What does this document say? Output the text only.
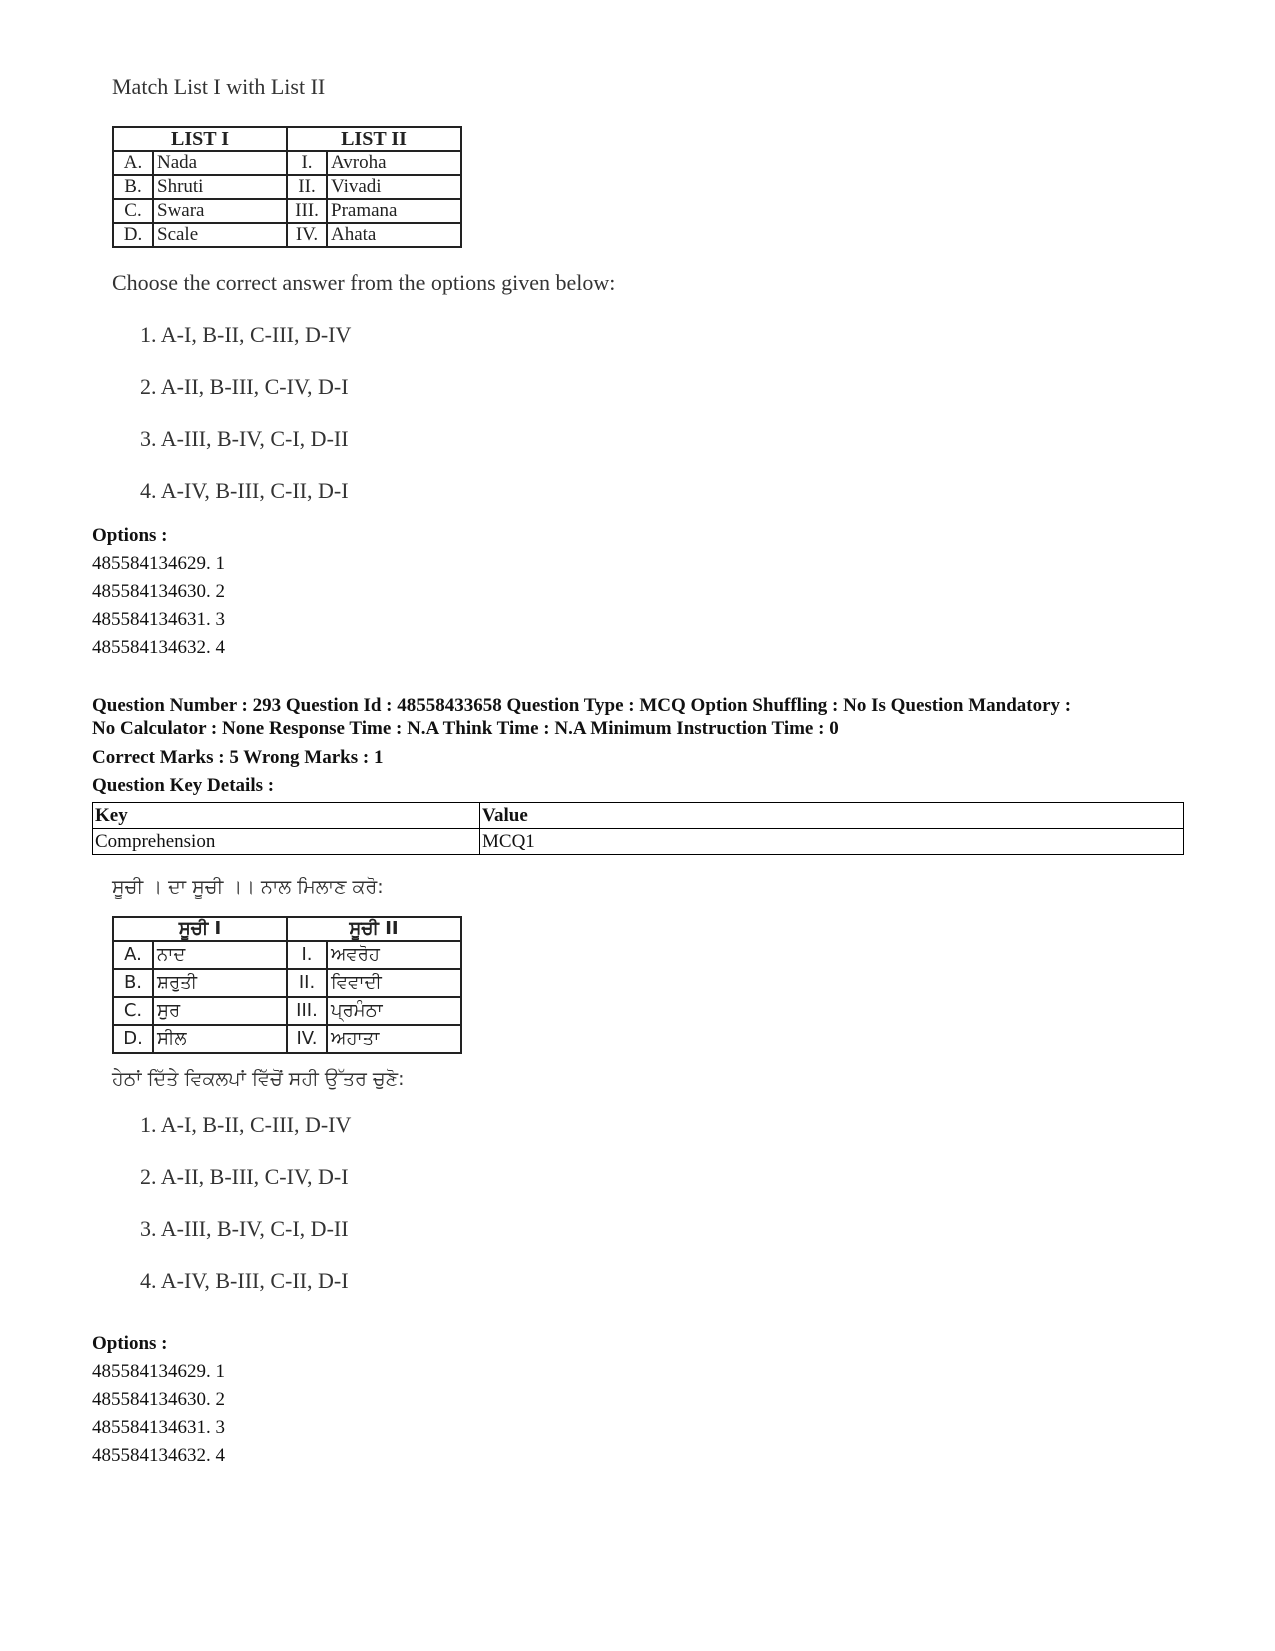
Match List I with List II

LIST I		LIST II	
A.	Nada	I.	Avroha
B.	Shruti	II.	Vivadi
C.	Swara	III.	Pramana
D.	Scale	IV.	Ahata

Choose the correct answer from the options given below:

1. A-I, B-II, C-III, D-IV

2. A-II, B-III, C-IV, D-I

3. A-III, B-IV, C-I, D-II

4. A-IV, B-III, C-II, D-I

Options :
485584134629. 1
485584134630. 2
485584134631. 3
485584134632. 4
Question Number : 293 Question Id : 48558433658 Question Type : MCQ Option Shuffling : No Is Question Mandatory :
No Calculator : None Response Time : N.A Think Time : N.A Minimum Instruction Time : 0
Correct Marks : 5 Wrong Marks : 1
Question Key Details :
Key	Value
Comprehension	MCQ1

ਸੂਚੀ । ਦਾ ਸੂਚੀ ।। ਨਾਲ ਮਿਲਾਣ ਕਰੋ:

ਸੂਚੀ I		ਸੂਚੀ II	
A.	ਨਾਦ	I.	ਅਵਰੋਹ
B.	ਸ਼ਰੁਤੀ	II.	ਵਿਵਾਦੀ
C.	ਸੁਰ	III.	ਪ੍ਰਮੰਠਾ
D.	ਸੀਲ	IV.	ਅਹਾਤਾ

ਹੇਠਾਂ ਦਿੱਤੇ ਵਿਕਲਪਾਂ ਵਿੱਚੋਂ ਸਹੀ ਉੱਤਰ ਚੁਣੋ:

1. A-I, B-II, C-III, D-IV

2. A-II, B-III, C-IV, D-I

3. A-III, B-IV, C-I, D-II

4. A-IV, B-III, C-II, D-I

Options :
485584134629. 1
485584134630. 2
485584134631. 3
485584134632. 4
